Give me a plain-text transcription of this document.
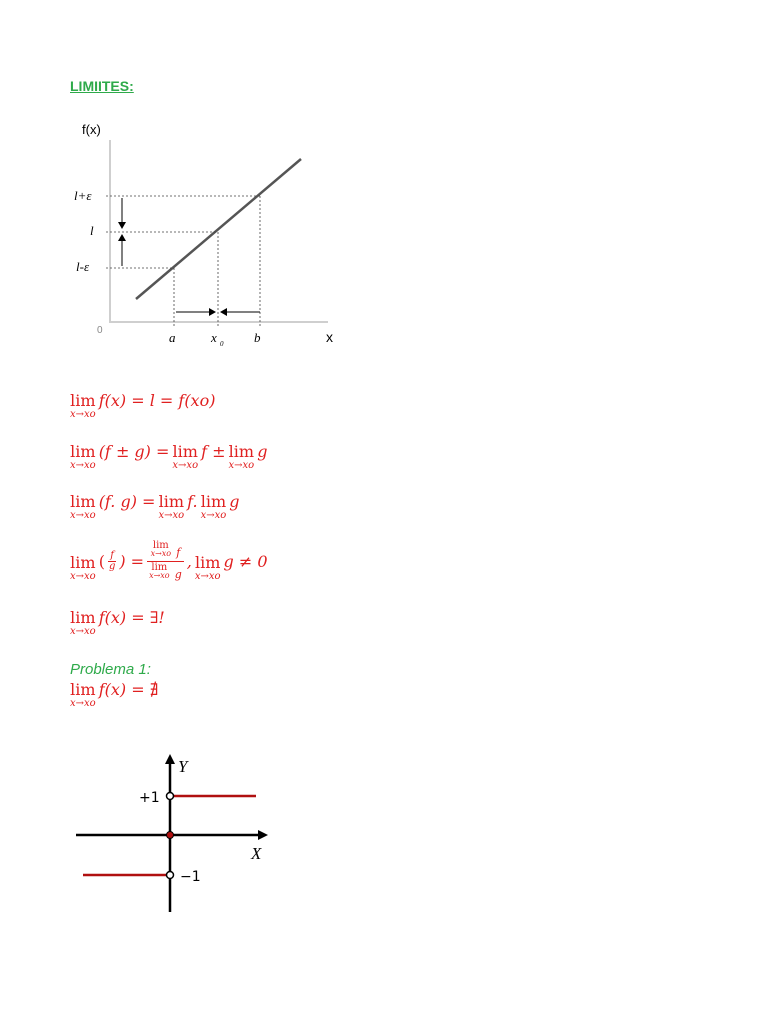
LIMIITES:
f(x)
l+ε
l
l-ε
0	a	x 0 b	x
lim
x→xo
f(x) = l = f(xo)
lim
x→xo
(f ± g) = lim
x→xo
f ± lim
x→xo
g
lim
x→xo
(f. g) = lim
x→xo
f. lim
x→xo
g
lim
x→xo
( $\frac{f}{g}$ ) = lim
x→xo f
lim
x→xo g , lim
x→xo
g ≠ 0
lim
x→xo
f(x) = ∃!
Problema 1:
lim
x→xo
f(x) = ∄
Y
X
+1
−1
